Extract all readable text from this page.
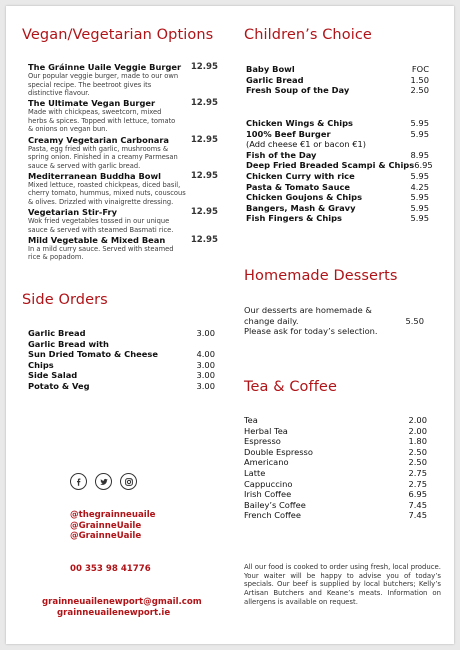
Vegan/Vegetarian Options
The Gráinne Uaile Veggie Burger 12.95
Our popular veggie burger, made to our own
special recipe. The beetroot gives its
distinctive flavour.
The Ultimate Vegan Burger	12.95
Made with chickpeas, sweetcorn, mixed
herbs & spices. Topped with lettuce, tomato
& onions on vegan bun.
Creamy Vegetarian Carbonara	12.95
Pasta, egg fried with garlic, mushrooms &
spring onion. Finished in a creamy Parmesan
sauce & served with garlic bread.
Mediterranean Buddha Bowl	12.95
Mixed lettuce, roasted chickpeas, diced basil,
cherry tomato, hummus, mixed nuts, couscous
& olives. Drizzled with vinaigrette dressing.
Vegetarian Stir-Fry	12.95
Wok fried vegetables tossed in our unique
sauce & served with steamed Basmati rice.
Mild Vegetable & Mixed Bean	12.95
In a mild curry sauce. Served with steamed
rice & popadom.
Side Orders
Garlic Bread	3.00
Garlic Bread with
Sun Dried Tomato & Cheese	4.00
Chips	3.00
Side Salad	3.00
Potato & Veg	3.00
@thegrainneuaile
@GrainneUaile
@GrainneUaile
00 353 98 41776
grainneuailenewport@gmail.com
grainneuailenewport.ie
Children’s Choice
Baby Bowl	FOC
Garlic Bread	1.50
Fresh Soup of the Day	2.50
Chicken Wings & Chips	5.95
100% Beef Burger	5.95
(Add cheese €1 or bacon €1)
Fish of the Day	8.95
Deep Fried Breaded Scampi & Chips 6.95
Chicken Curry with rice	5.95
Pasta & Tomato Sauce	4.25
Chicken Goujons & Chips	5.95
Bangers, Mash & Gravy	5.95
Fish Fingers & Chips	5.95
Homemade Desserts
Our desserts are homemade &
change daily.	5.50
Please ask for today’s selection.
Tea & Coffee
Tea	2.00
Herbal Tea	2.00
Espresso	1.80
Double Espresso	2.50
Americano	2.50
Latte	2.75
Cappuccino	2.75
Irish Coffee	6.95
Bailey’s Coffee	7.45
French Coffee	7.45
All our food is cooked to order using fresh, local produce. Your waiter will be happy to advise you of today’s specials. Our beef is supplied by local butchers; Kelly’s Artisan Butchers and Keane’s meats. Information on allergens is available on request.
